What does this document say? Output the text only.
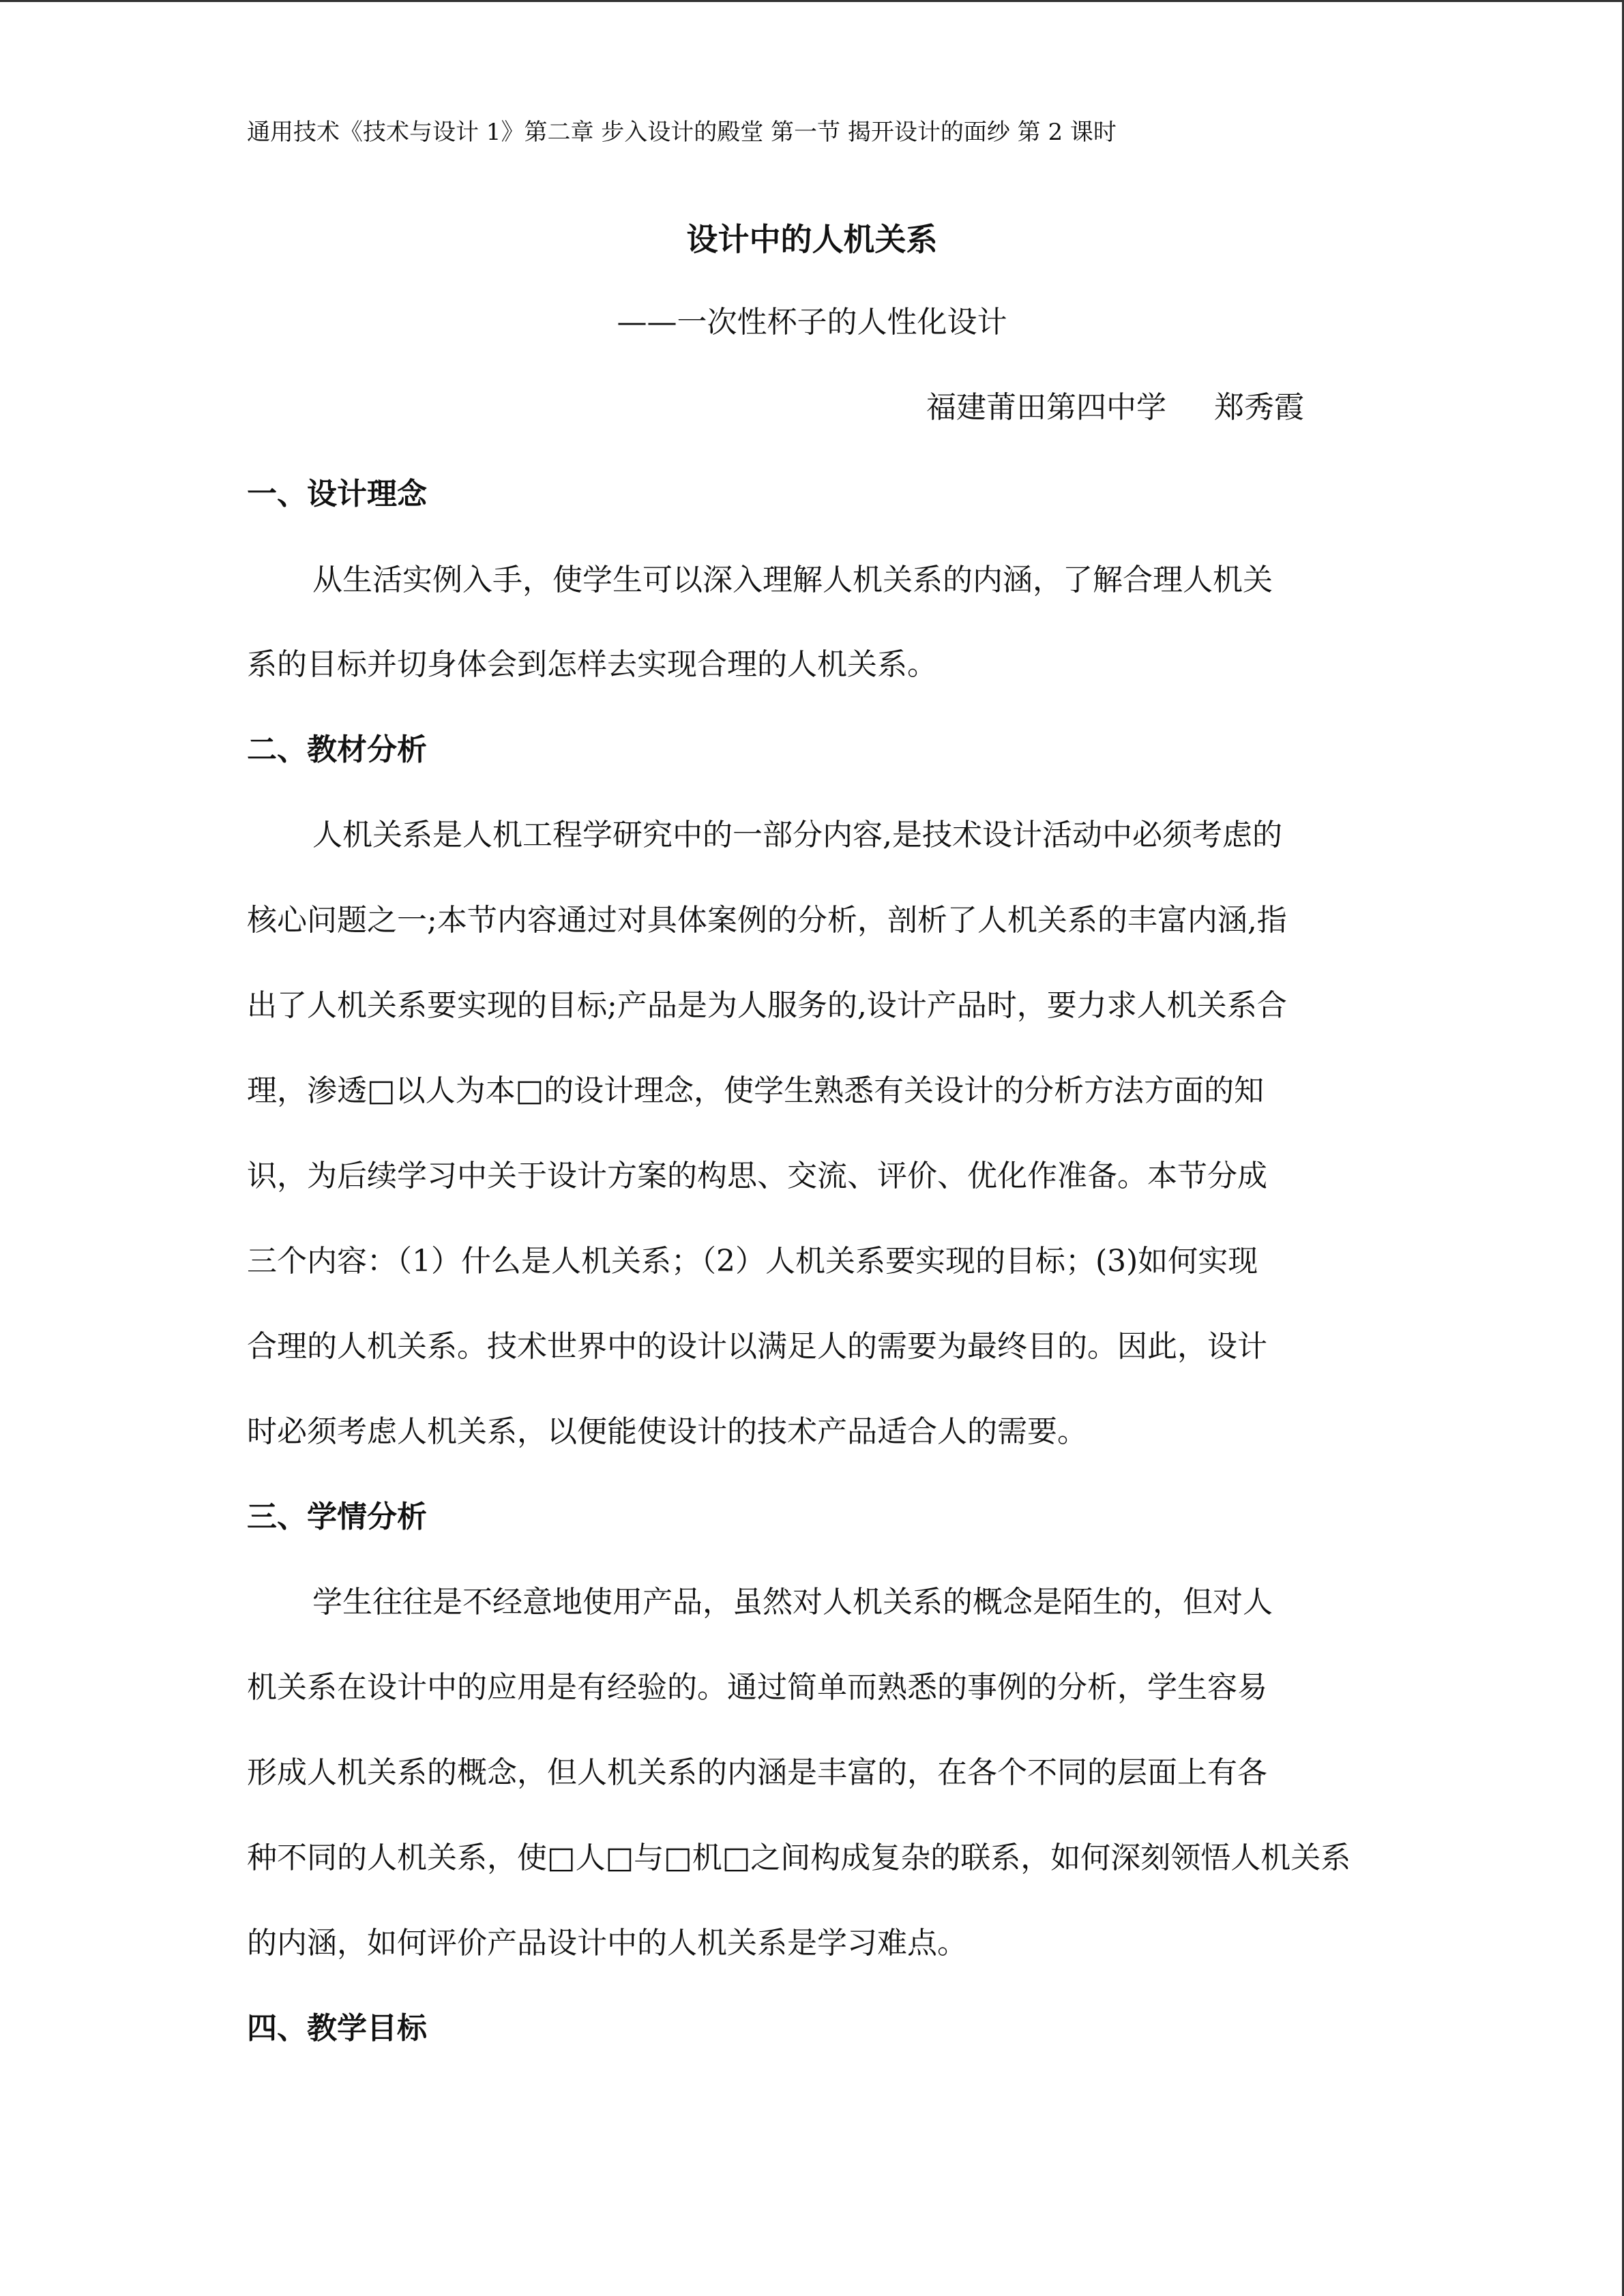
通用技术《技术与设计 1》第二章 步入设计的殿堂 第一节 揭开设计的面纱 第 2 课时
设计中的人机关系
——一次性杯子的人性化设计
福建莆田第四中学 郑秀霞
一、设计理念
从生活实例入手，使学生可以深入理解人机关系的内涵，了解合理人机关
系的目标并切身体会到怎样去实现合理的人机关系。
二、教材分析
人机关系是人机工程学研究中的一部分内容,是技术设计活动中必须考虑的
核心问题之一;本节内容通过对具体案例的分析，剖析了人机关系的丰富内涵,指
出了人机关系要实现的目标;产品是为人服务的,设计产品时，要力求人机关系合
理，渗透□以人为本□的设计理念，使学生熟悉有关设计的分析方法方面的知
识，为后续学习中关于设计方案的构思、交流、评价、优化作准备。本节分成
三个内容：（1）什么是人机关系；（2）人机关系要实现的目标；(3)如何实现
合理的人机关系。技术世界中的设计以满足人的需要为最终目的。因此，设计
时必须考虑人机关系，以便能使设计的技术产品适合人的需要。
三、学情分析
学生往往是不经意地使用产品，虽然对人机关系的概念是陌生的，但对人
机关系在设计中的应用是有经验的。通过简单而熟悉的事例的分析，学生容易
形成人机关系的概念，但人机关系的内涵是丰富的，在各个不同的层面上有各
种不同的人机关系，使□人□与□机□之间构成复杂的联系，如何深刻领悟人机关系
的内涵，如何评价产品设计中的人机关系是学习难点。
四、教学目标
